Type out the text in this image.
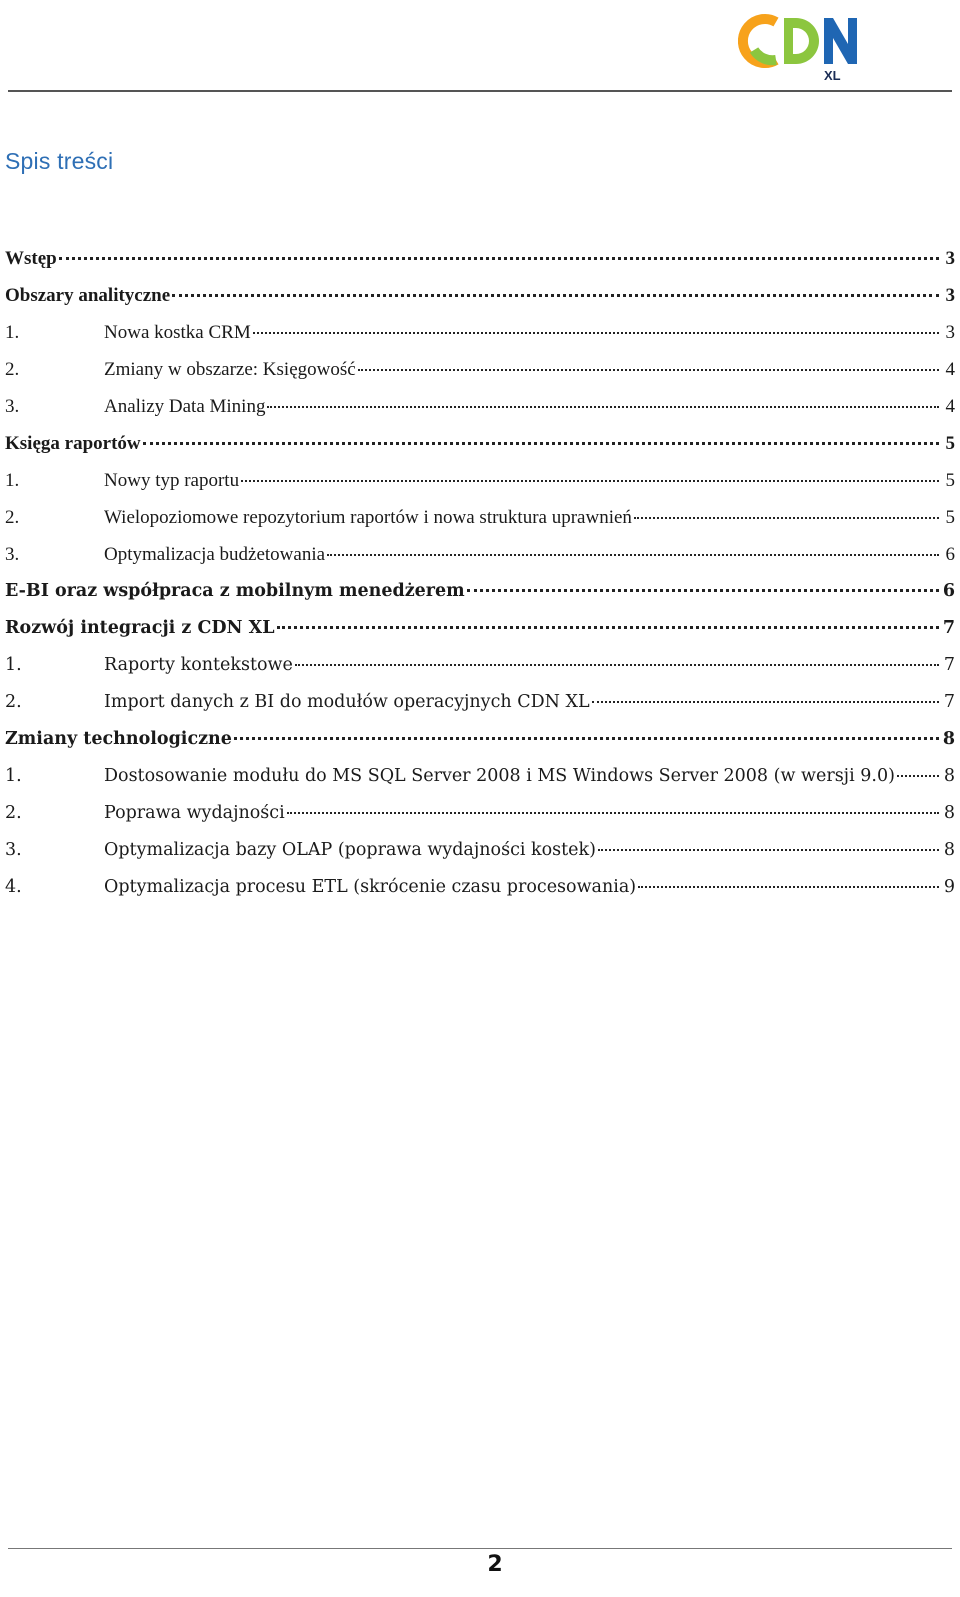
XL
Spis treści
Wstęp	3
Obszary analityczne	3
1.	Nowa kostka CRM	3
2.	Zmiany w obszarze: Księgowość	4
3.	Analizy Data Mining	4
Księga raportów	5
1.	Nowy typ raportu	5
2.	Wielopoziomowe repozytorium raportów i nowa struktura uprawnień	5
3.	Optymalizacja budżetowania	6
E-BI oraz współpraca z mobilnym menedżerem	6
Rozwój integracji z CDN XL	7
1.	Raporty kontekstowe	7
2.	Import danych z BI do modułów operacyjnych CDN XL	7
Zmiany technologiczne	8
1.	Dostosowanie modułu do MS SQL Server 2008 i MS Windows Server 2008 (w wersji 9.0)	8
2.	Poprawa wydajności	8
3.	Optymalizacja bazy OLAP (poprawa wydajności kostek)	8
4.	Optymalizacja procesu ETL (skrócenie czasu procesowania)	9
2
